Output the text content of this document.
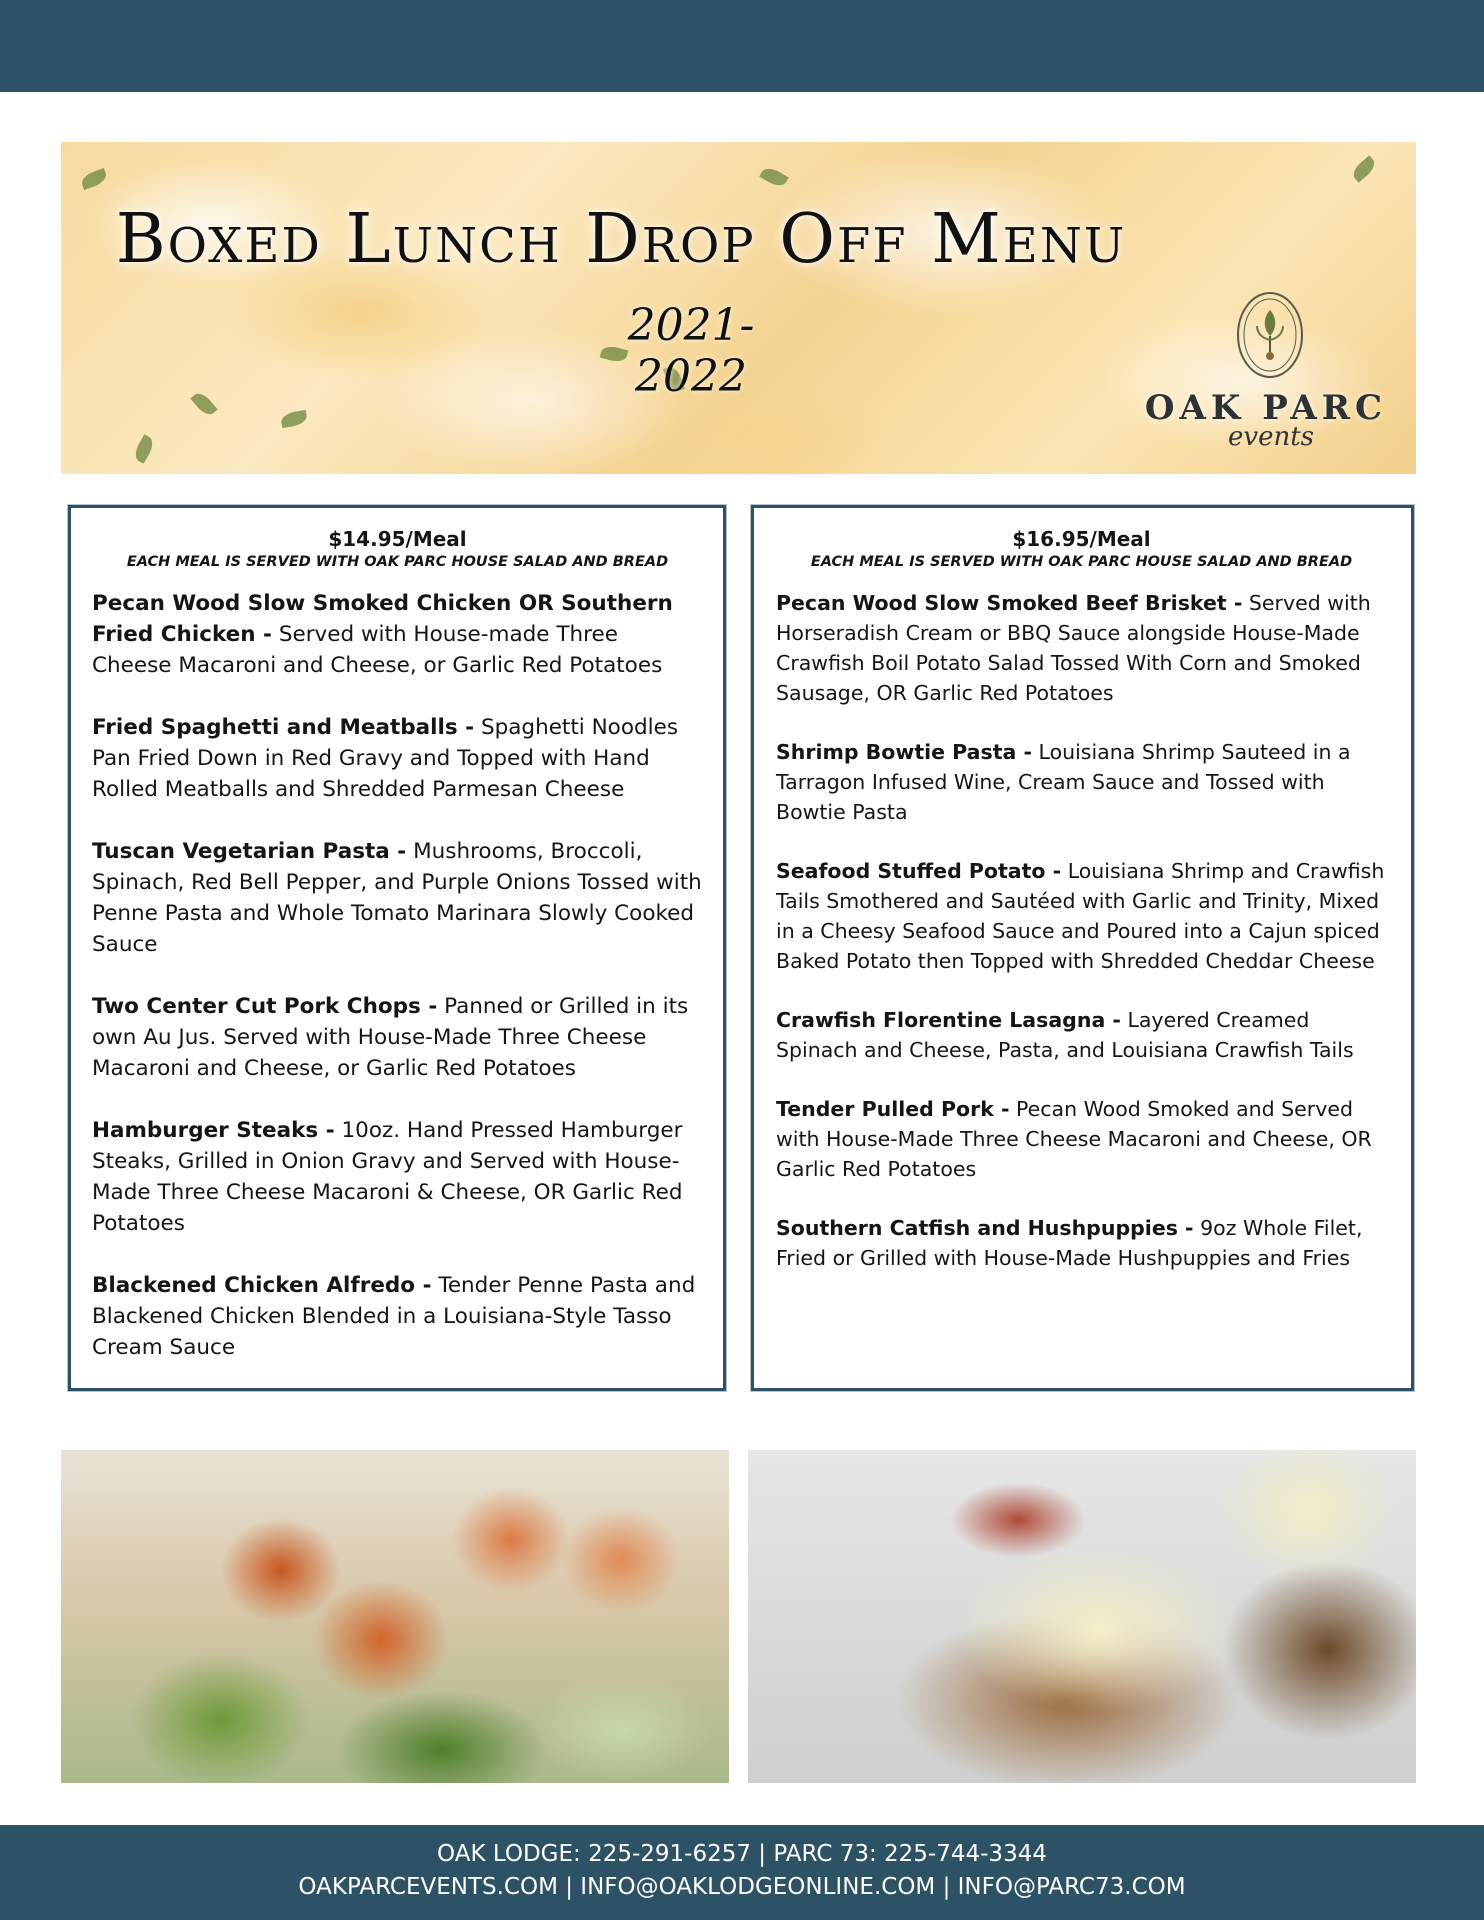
Boxed Lunch Drop Off Menu
2021-2022
OAK PARC
events
$14.95/Meal
EACH MEAL IS SERVED WITH OAK PARC HOUSE SALAD AND BREAD
Pecan Wood Slow Smoked Chicken OR Southern Fried Chicken - Served with House-made Three Cheese Macaroni and Cheese, or Garlic Red Potatoes
Fried Spaghetti and Meatballs - Spaghetti Noodles Pan Fried Down in Red Gravy and Topped with Hand Rolled Meatballs and Shredded Parmesan Cheese
Tuscan Vegetarian Pasta - Mushrooms, Broccoli, Spinach, Red Bell Pepper, and Purple Onions Tossed with Penne Pasta and Whole Tomato Marinara Slowly Cooked Sauce
Two Center Cut Pork Chops - Panned or Grilled in its own Au Jus. Served with House-Made Three Cheese Macaroni and Cheese, or Garlic Red Potatoes
Hamburger Steaks - 10oz. Hand Pressed Hamburger Steaks, Grilled in Onion Gravy and Served with House-Made Three Cheese Macaroni & Cheese, OR Garlic Red Potatoes
Blackened Chicken Alfredo - Tender Penne Pasta and Blackened Chicken Blended in a Louisiana-Style Tasso Cream Sauce
$16.95/Meal
EACH MEAL IS SERVED WITH OAK PARC HOUSE SALAD AND BREAD
Pecan Wood Slow Smoked Beef Brisket - Served with Horseradish Cream or BBQ Sauce alongside House-Made Crawfish Boil Potato Salad Tossed With Corn and Smoked Sausage, OR Garlic Red Potatoes
Shrimp Bowtie Pasta - Louisiana Shrimp Sauteed in a Tarragon Infused Wine, Cream Sauce and Tossed with Bowtie Pasta
Seafood Stuffed Potato - Louisiana Shrimp and Crawfish Tails Smothered and Sautéed with Garlic and Trinity, Mixed in a Cheesy Seafood Sauce and Poured into a Cajun spiced Baked Potato then Topped with Shredded Cheddar Cheese
Crawfish Florentine Lasagna - Layered Creamed Spinach and Cheese, Pasta, and Louisiana Crawfish Tails
Tender Pulled Pork - Pecan Wood Smoked and Served with House-Made Three Cheese Macaroni and Cheese, OR Garlic Red Potatoes
Southern Catfish and Hushpuppies - 9oz Whole Filet, Fried or Grilled with House-Made Hushpuppies and Fries
OAK LODGE: 225-291-6257 | PARC 73: 225-744-3344
OAKPARCEVENTS.COM | INFO@OAKLODGEONLINE.COM | INFO@PARC73.COM
